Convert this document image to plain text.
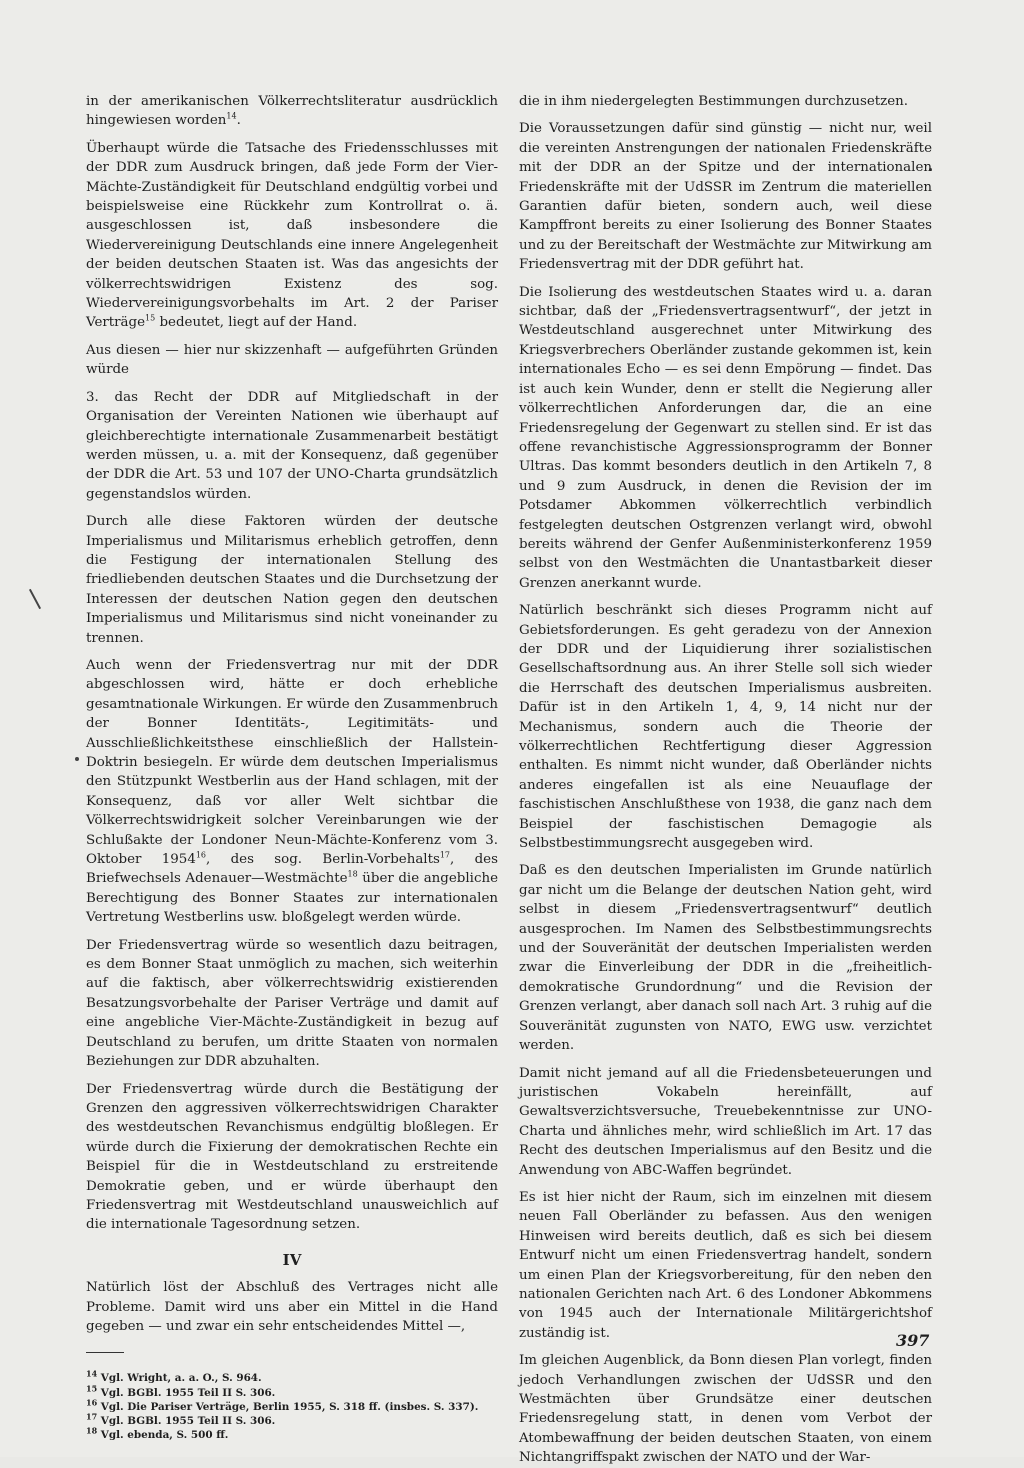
in der amerikanischen Völkerrechtsliteratur ausdrücklich hingewiesen worden$^{14}$.

Überhaupt würde die Tatsache des Friedensschlusses mit der DDR zum Ausdruck bringen, daß jede Form der Vier-Mächte-Zuständigkeit für Deutschland endgültig vorbei und beispielsweise eine Rückkehr zum Kontrollrat o. ä. ausgeschlossen ist, daß insbesondere die Wiedervereinigung Deutschlands eine innere Angelegenheit der beiden deutschen Staaten ist. Was das angesichts der völkerrechtswidrigen Existenz des sog. Wiedervereinigungsvorbehalts im Art. 2 der Pariser Verträge$^{15}$ bedeutet, liegt auf der Hand.

Aus diesen — hier nur skizzenhaft — aufgeführten Gründen würde

3. das Recht der DDR auf Mitgliedschaft in der Organisation der Vereinten Nationen wie überhaupt auf gleichberechtigte internationale Zusammenarbeit bestätigt werden müssen, u. a. mit der Konsequenz, daß gegenüber der DDR die Art. 53 und 107 der UNO-Charta grundsätzlich gegenstandslos würden.

Durch alle diese Faktoren würden der deutsche Imperialismus und Militarismus erheblich getroffen, denn die Festigung der internationalen Stellung des friedliebenden deutschen Staates und die Durchsetzung der Interessen der deutschen Nation gegen den deutschen Imperialismus und Militarismus sind nicht voneinander zu trennen.

Auch wenn der Friedensvertrag nur mit der DDR abgeschlossen wird, hätte er doch erhebliche gesamtnationale Wirkungen. Er würde den Zusammenbruch der Bonner Identitäts-, Legitimitäts- und Ausschließlichkeitsthese einschließlich der Hallstein-Doktrin besiegeln. Er würde dem deutschen Imperialismus den Stützpunkt Westberlin aus der Hand schlagen, mit der Konsequenz, daß vor aller Welt sichtbar die Völkerrechtswidrigkeit solcher Vereinbarungen wie der Schlußakte der Londoner Neun-Mächte-Konferenz vom 3. Oktober 1954$^{16}$, des sog. Berlin-Vorbehalts$^{17}$, des Briefwechsels Adenauer—Westmächte$^{18}$ über die angebliche Berechtigung des Bonner Staates zur internationalen Vertretung Westberlins usw. bloßgelegt werden würde.

Der Friedensvertrag würde so wesentlich dazu beitragen, es dem Bonner Staat unmöglich zu machen, sich weiterhin auf die faktisch, aber völkerrechtswidrig existierenden Besatzungsvorbehalte der Pariser Verträge und damit auf eine angebliche Vier-Mächte-Zuständigkeit in bezug auf Deutschland zu berufen, um dritte Staaten von normalen Beziehungen zur DDR abzuhalten.

Der Friedensvertrag würde durch die Bestätigung der Grenzen den aggressiven völkerrechtswidrigen Charakter des westdeutschen Revanchismus endgültig bloßlegen. Er würde durch die Fixierung der demokratischen Rechte ein Beispiel für die in Westdeutschland zu erstreitende Demokratie geben, und er würde überhaupt den Friedensvertrag mit Westdeutschland unausweichlich auf die internationale Tagesordnung setzen.

IV

Natürlich löst der Abschluß des Vertrages nicht alle Probleme. Damit wird uns aber ein Mittel in die Hand gegeben — und zwar ein sehr entscheidendes Mittel —,

$^{14}$ Vgl. Wright, a. a. O., S. 964.
$^{15}$ Vgl. BGBl. 1955 Teil II S. 306.
$^{16}$ Vgl. Die Pariser Verträge, Berlin 1955, S. 318 ff. (insbes. S. 337).
$^{17}$ Vgl. BGBl. 1955 Teil II S. 306.
$^{18}$ Vgl. ebenda, S. 500 ff.

die in ihm niedergelegten Bestimmungen durchzusetzen.

Die Voraussetzungen dafür sind günstig — nicht nur, weil die vereinten Anstrengungen der nationalen Friedenskräfte mit der DDR an der Spitze und der internationalen Friedenskräfte mit der UdSSR im Zentrum die materiellen Garantien dafür bieten, sondern auch, weil diese Kampffront bereits zu einer Isolierung des Bonner Staates und zu der Bereitschaft der Westmächte zur Mitwirkung am Friedensvertrag mit der DDR geführt hat.

Die Isolierung des westdeutschen Staates wird u. a. daran sichtbar, daß der „Friedensvertragsentwurf“, der jetzt in Westdeutschland ausgerechnet unter Mitwirkung des Kriegsverbrechers Oberländer zustande gekommen ist, kein internationales Echo — es sei denn Empörung — findet. Das ist auch kein Wunder, denn er stellt die Negierung aller völkerrechtlichen Anforderungen dar, die an eine Friedensregelung der Gegenwart zu stellen sind. Er ist das offene revanchistische Aggressionsprogramm der Bonner Ultras. Das kommt besonders deutlich in den Artikeln 7, 8 und 9 zum Ausdruck, in denen die Revision der im Potsdamer Abkommen völkerrechtlich verbindlich festgelegten deutschen Ostgrenzen verlangt wird, obwohl bereits während der Genfer Außenministerkonferenz 1959 selbst von den Westmächten die Unantastbarkeit dieser Grenzen anerkannt wurde.

Natürlich beschränkt sich dieses Programm nicht auf Gebietsforderungen. Es geht geradezu von der Annexion der DDR und der Liquidierung ihrer sozialistischen Gesellschaftsordnung aus. An ihrer Stelle soll sich wieder die Herrschaft des deutschen Imperialismus ausbreiten. Dafür ist in den Artikeln 1, 4, 9, 14 nicht nur der Mechanismus, sondern auch die Theorie der völkerrechtlichen Rechtfertigung dieser Aggression enthalten. Es nimmt nicht wunder, daß Oberländer nichts anderes eingefallen ist als eine Neuauflage der faschistischen Anschlußthese von 1938, die ganz nach dem Beispiel der faschistischen Demagogie als Selbstbestimmungsrecht ausgegeben wird.

Daß es den deutschen Imperialisten im Grunde natürlich gar nicht um die Belange der deutschen Nation geht, wird selbst in diesem „Friedensvertragsentwurf“ deutlich ausgesprochen. Im Namen des Selbstbestimmungsrechts und der Souveränität der deutschen Imperialisten werden zwar die Einverleibung der DDR in die „freiheitlich-demokratische Grundordnung“ und die Revision der Grenzen verlangt, aber danach soll nach Art. 3 ruhig auf die Souveränität zugunsten von NATO, EWG usw. verzichtet werden.

Damit nicht jemand auf all die Friedensbeteuerungen und juristischen Vokabeln hereinfällt, auf Gewaltsverzichtsversuche, Treuebekenntnisse zur UNO-Charta und ähnliches mehr, wird schließlich im Art. 17 das Recht des deutschen Imperialismus auf den Besitz und die Anwendung von ABC-Waffen begründet.

Es ist hier nicht der Raum, sich im einzelnen mit diesem neuen Fall Oberländer zu befassen. Aus den wenigen Hinweisen wird bereits deutlich, daß es sich bei diesem Entwurf nicht um einen Friedensvertrag handelt, sondern um einen Plan der Kriegsvorbereitung, für den neben den nationalen Gerichten nach Art. 6 des Londoner Abkommens von 1945 auch der Internationale Militärgerichtshof zuständig ist.

Im gleichen Augenblick, da Bonn diesen Plan vorlegt, finden jedoch Verhandlungen zwischen der UdSSR und den Westmächten über Grundsätze einer deutschen Friedensregelung statt, in denen vom Verbot der Atombewaffnung der beiden deutschen Staaten, von einem Nichtangriffspakt zwischen der NATO und der War-

397
